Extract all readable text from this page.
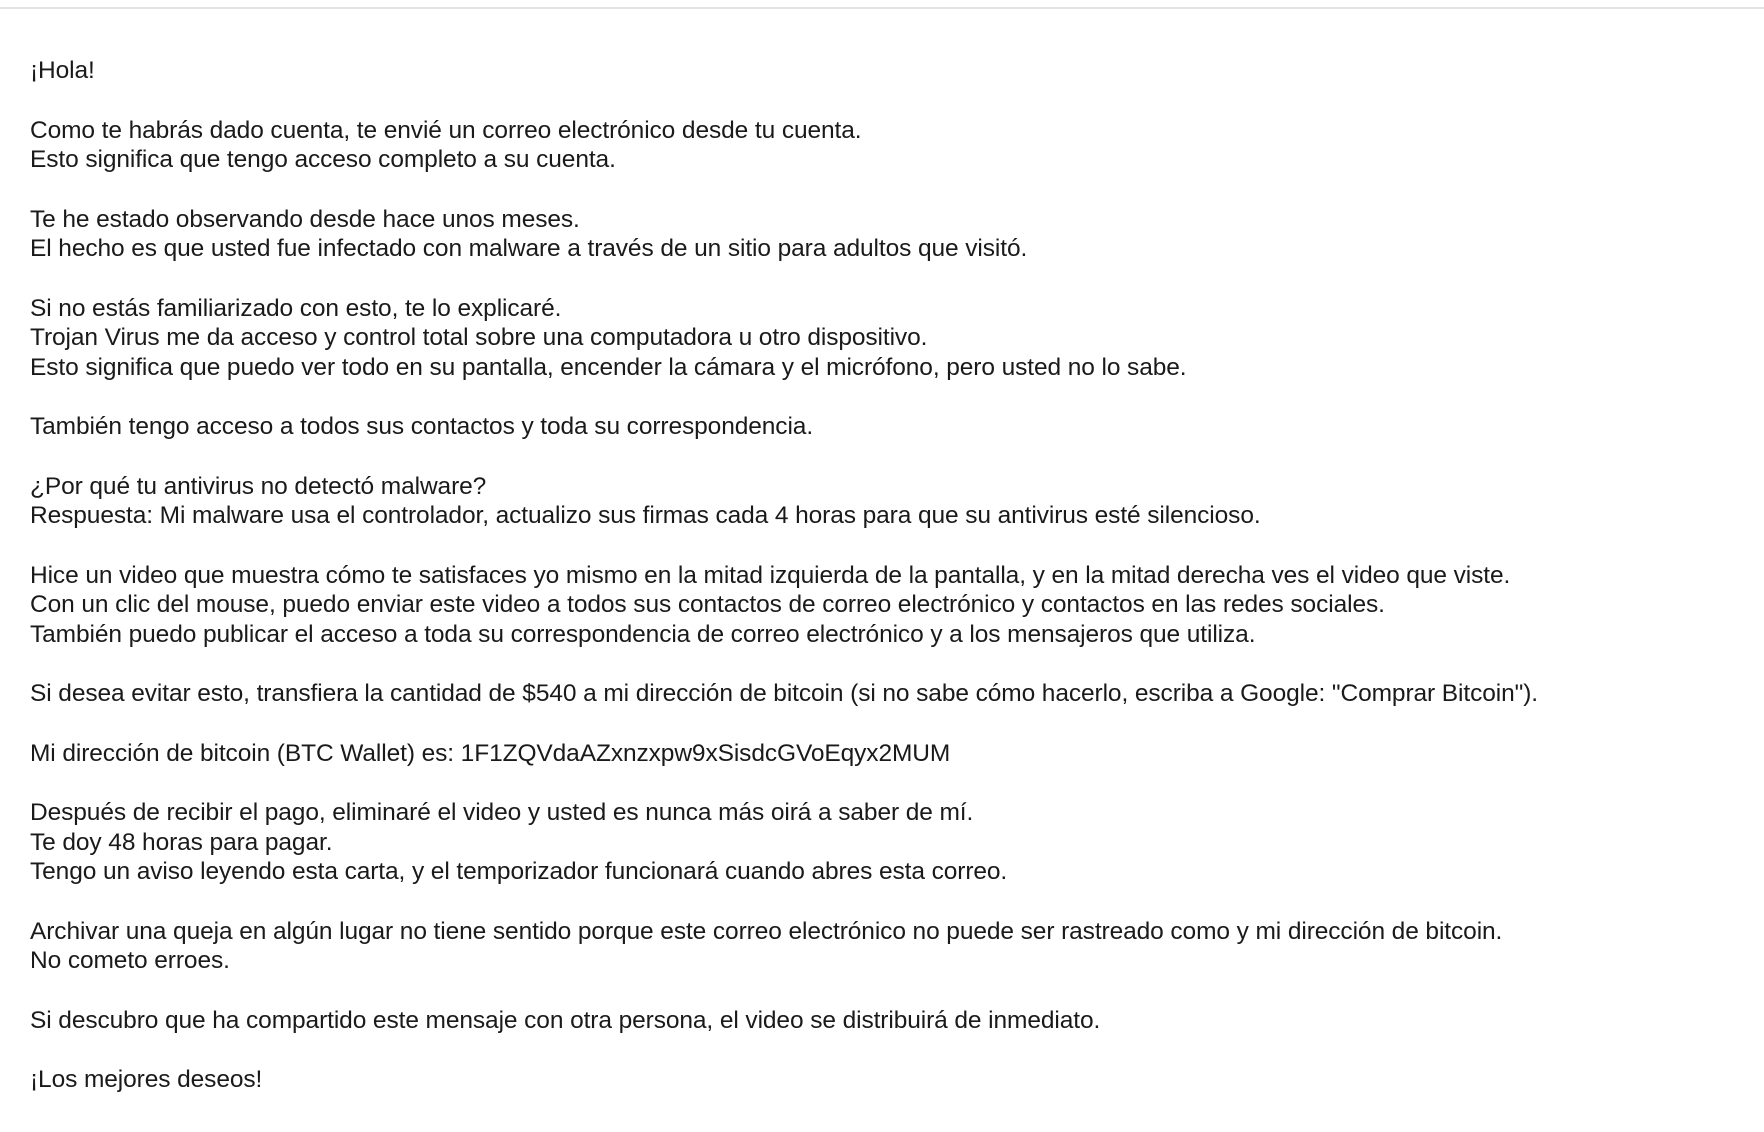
¡Hola!
Como te habrás dado cuenta, te envié un correo electrónico desde tu cuenta.
Esto significa que tengo acceso completo a su cuenta.
Te he estado observando desde hace unos meses.
El hecho es que usted fue infectado con malware a través de un sitio para adultos que visitó.
Si no estás familiarizado con esto, te lo explicaré.
Trojan Virus me da acceso y control total sobre una computadora u otro dispositivo.
Esto significa que puedo ver todo en su pantalla, encender la cámara y el micrófono, pero usted no lo sabe.
También tengo acceso a todos sus contactos y toda su correspondencia.
¿Por qué tu antivirus no detectó malware?
Respuesta: Mi malware usa el controlador, actualizo sus firmas cada 4 horas para que su antivirus esté silencioso.
Hice un video que muestra cómo te satisfaces yo mismo en la mitad izquierda de la pantalla, y en la mitad derecha ves el video que viste.
Con un clic del mouse, puedo enviar este video a todos sus contactos de correo electrónico y contactos en las redes sociales.
También puedo publicar el acceso a toda su correspondencia de correo electrónico y a los mensajeros que utiliza.
Si desea evitar esto, transfiera la cantidad de $540 a mi dirección de bitcoin (si no sabe cómo hacerlo, escriba a Google: "Comprar Bitcoin").
Mi dirección de bitcoin (BTC Wallet) es: 1F1ZQVdaAZxnzxpw9xSisdcGVoEqyx2MUM
Después de recibir el pago, eliminaré el video y usted es nunca más oirá a saber de mí.
Te doy 48 horas para pagar.
Tengo un aviso leyendo esta carta, y el temporizador funcionará cuando abres esta correo.
Archivar una queja en algún lugar no tiene sentido porque este correo electrónico no puede ser rastreado como y mi dirección de bitcoin.
No cometo erroes.
Si descubro que ha compartido este mensaje con otra persona, el video se distribuirá de inmediato.
¡Los mejores deseos!
